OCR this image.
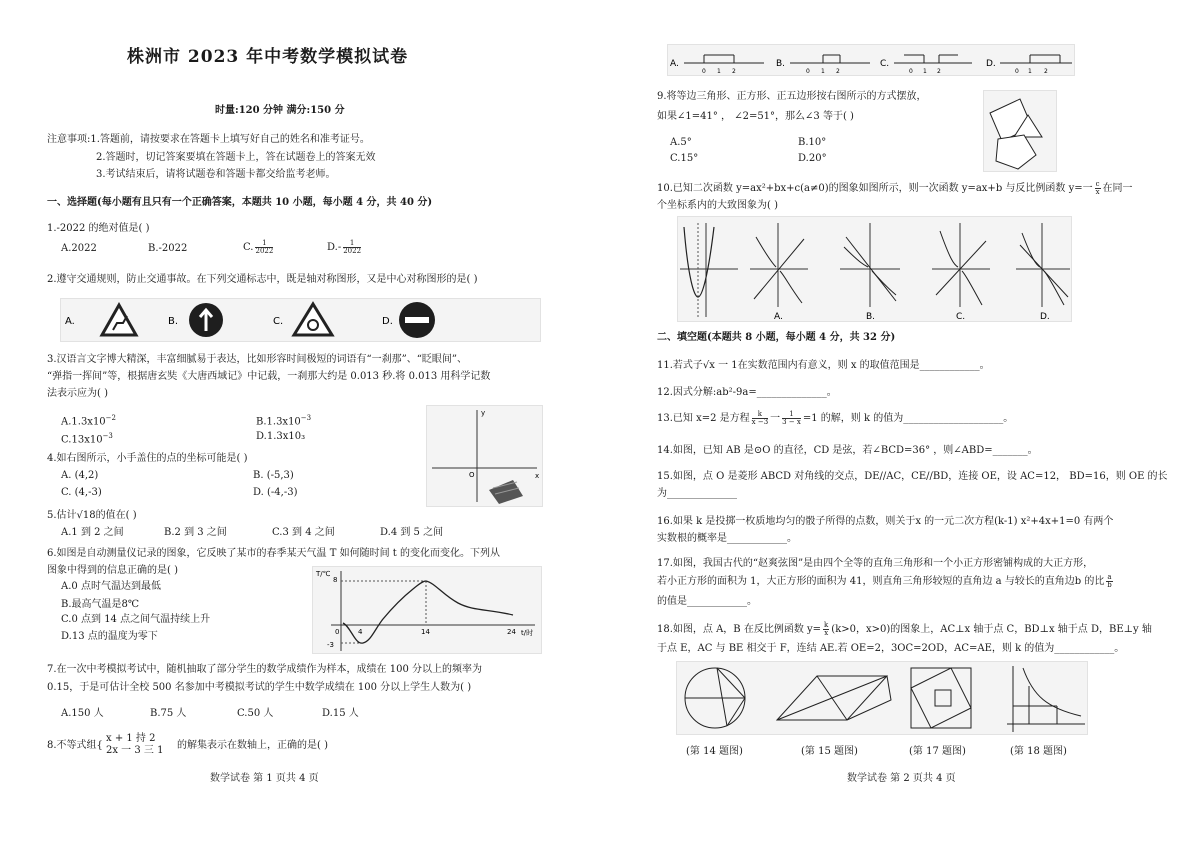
株洲市 2023 年中考数学模拟试卷
时量:120 分钟 满分:150 分
注意事项:1.答题前，请按要求在答题卡上填写好自己的姓名和准考证号。
2.答题时，切记答案要填在答题卡上，答在试题卷上的答案无效
3.考试结束后，请将试题卷和答题卡都交给监考老师。
一、选择题(每小题有且只有一个正确答案，本题共 10 小题，每小题 4 分，共 40 分)
1.-2022 的绝对值是( )
A.2022	B.-2022	C. $\frac{1}{2022}$	$D.- \frac{1}{2022}$
2.遵守交通规则，防止交通事故。在下列交通标志中，既是轴对称图形，又是中心对称图形的是( )
A.	B.	C.	D.
3.汉语言文字博大精深，丰富细腻易于表达，比如形容时间极短的词语有“一刹那”、“眨眼间”、
“弹指一挥间”等，根据唐玄奘《大唐西域记》中记载，一刹那大约是 0.013 秒.将 0.013 用科学记数
法表示应为( )
$A.1.3x10^{-2}$	$B.1.3x10^{-3}$
$C.13x10^{-3}$	D.1.3x10₃
x
y
O
4.如右图所示，小手盖住的点的坐标可能是( )
A. (4,2)	B. (-5,3)
C. (4,-3)	D. (-4,-3)
5.估计√18的值在( )
A.1 到 2 之间	B.2 到 3 之间	C.3 到 4 之间	D.4 到 5 之间
6.如图是自动测量仪记录的图象，它反映了某市的春季某天气温 T 如何随时间 t 的变化而变化。下列从
图象中得到的信息正确的是( )
A.0 点时气温达到最低
B.最高气温是8℃
C.0 点到 14 点之间气温持续上升
D.13 点的温度为零下
T/℃
t/时
8
-3
0	4	14	24
7.在一次中考模拟考试中，随机抽取了部分学生的数学成绩作为样本，成绩在 100 分以上的频率为
0.15，于是可估计全校 500 名参加中考模拟考试的学生中数学成绩在 100 分以上学生人数为( )
A.150 人	B.75 人	C.50 人	D.15 人
8.不等式组{
x + 1 持 2
2x 一 3 三 1 的解集表示在数轴上，正确的是( )
数学试卷 第 1 页共 4 页
A.
0 1 2
B.
0 1 2
C.
0 1 2
D.
0 1 2
9.将等边三角形、正方形、正五边形按右图所示的方式摆放，
如果∠1=41° ， ∠2=51°，那么∠3 等于( )
A.5°	B.10°
C.15°	D.20°
10.已知二次函数 y=ax²+bx+c(a≠0)的图象如图所示，则一次函数 y=ax+b 与反比例函数 y=一 $\frac{c}{x}$ 在同一
个坐标系内的大致图象为( )
A.	B.	C.	D.
二、填空题(本题共 8 小题，每小题 4 分，共 32 分)
11.若式子√x 一 1在实数范围内有意义，则 x 的取值范围是____________。
12.因式分解:ab²-9a=______________。
13.已知 x=2 是方程 $\frac{k}{x -3}$ 一 $\frac{1}{3 - x} =1$ 的解，则 k 的值为____________________。
14.如图，已知 AB 是⊙O 的直径，CD 是弦，若∠BCD=36° ，则∠ABD=_______。
15.如图，点 O 是菱形 ABCD 对角线的交点，DE//AC，CE//BD，连接 OE，设 AC=12， BD=16，则 OE 的长
为______________
16.如果 k 是投掷一枚质地均匀的骰子所得的点数，则关于x 的一元二次方程(k-1) x²+4x+1=0 有两个
实数根的概率是____________。
17.如图，我国古代的“赵爽弦图”是由四个全等的直角三角形和一个小正方形密铺构成的大正方形，
若小正方形的面积为 1，大正方形的面积为 41，则直角三角形较短的直角边 a 与较长的直角边b 的比 $\frac{a}{b}$
的值是____________。
18.如图，点 A，B 在反比例函数 $y= \frac{k}{x} (k>0$，x>0)的图象上，AC⊥x 轴于点 C，BD⊥x 轴于点 D，BE⊥y 轴
于点 E，AC 与 BE 相交于 F，连结 AE.若 OE=2，3OC=2OD，AC=AE，则 k 的值为____________。
(第 14 题图)	(第 15 题图)	(第 17 题图)	(第 18 题图)
数学试卷 第 2 页共 4 页
